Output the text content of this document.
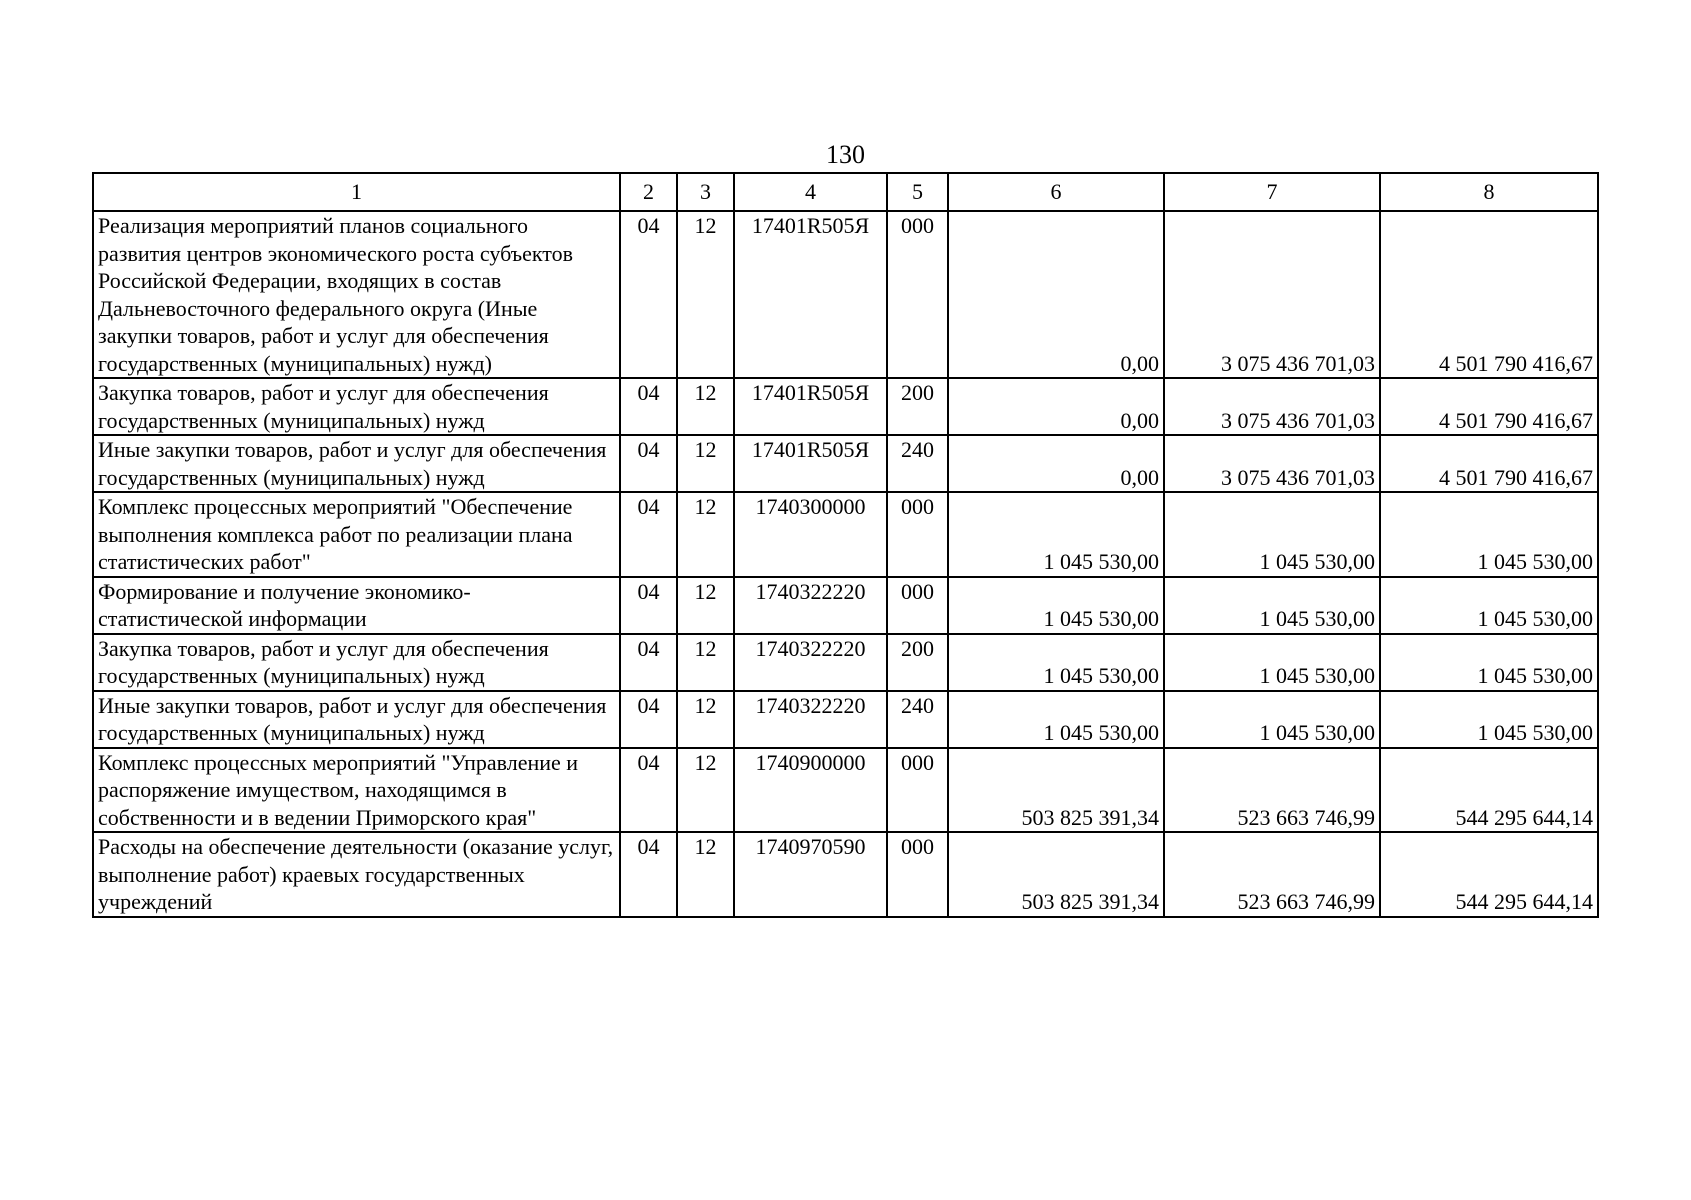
130
1	2	3	4	5	6	7	8
Реализация мероприятий планов социального развития центров экономического роста субъектов Российской Федерации, входящих в состав Дальневосточного федерального округа (Иные закупки товаров, работ и услуг для обеспечения государственных (муниципальных) нужд)	04	12	17401R505Я	000	0,00	3 075 436 701,03	4 501 790 416,67
Закупка товаров, работ и услуг для обеспечения государственных (муниципальных) нужд	04	12	17401R505Я	200	0,00	3 075 436 701,03	4 501 790 416,67
Иные закупки товаров, работ и услуг для обеспечения государственных (муниципальных) нужд	04	12	17401R505Я	240	0,00	3 075 436 701,03	4 501 790 416,67
Комплекс процессных мероприятий "Обеспечение выполнения комплекса работ по реализации плана статистических работ"	04	12	1740300000	000	1 045 530,00	1 045 530,00	1 045 530,00
Формирование и получение экономико-статистической информации	04	12	1740322220	000	1 045 530,00	1 045 530,00	1 045 530,00
Закупка товаров, работ и услуг для обеспечения государственных (муниципальных) нужд	04	12	1740322220	200	1 045 530,00	1 045 530,00	1 045 530,00
Иные закупки товаров, работ и услуг для обеспечения государственных (муниципальных) нужд	04	12	1740322220	240	1 045 530,00	1 045 530,00	1 045 530,00
Комплекс процессных мероприятий "Управление и распоряжение имуществом, находящимся в собственности и в ведении Приморского края"	04	12	1740900000	000	503 825 391,34	523 663 746,99	544 295 644,14
Расходы на обеспечение деятельности (оказание услуг, выполнение работ) краевых государственных учреждений	04	12	1740970590	000	503 825 391,34	523 663 746,99	544 295 644,14
